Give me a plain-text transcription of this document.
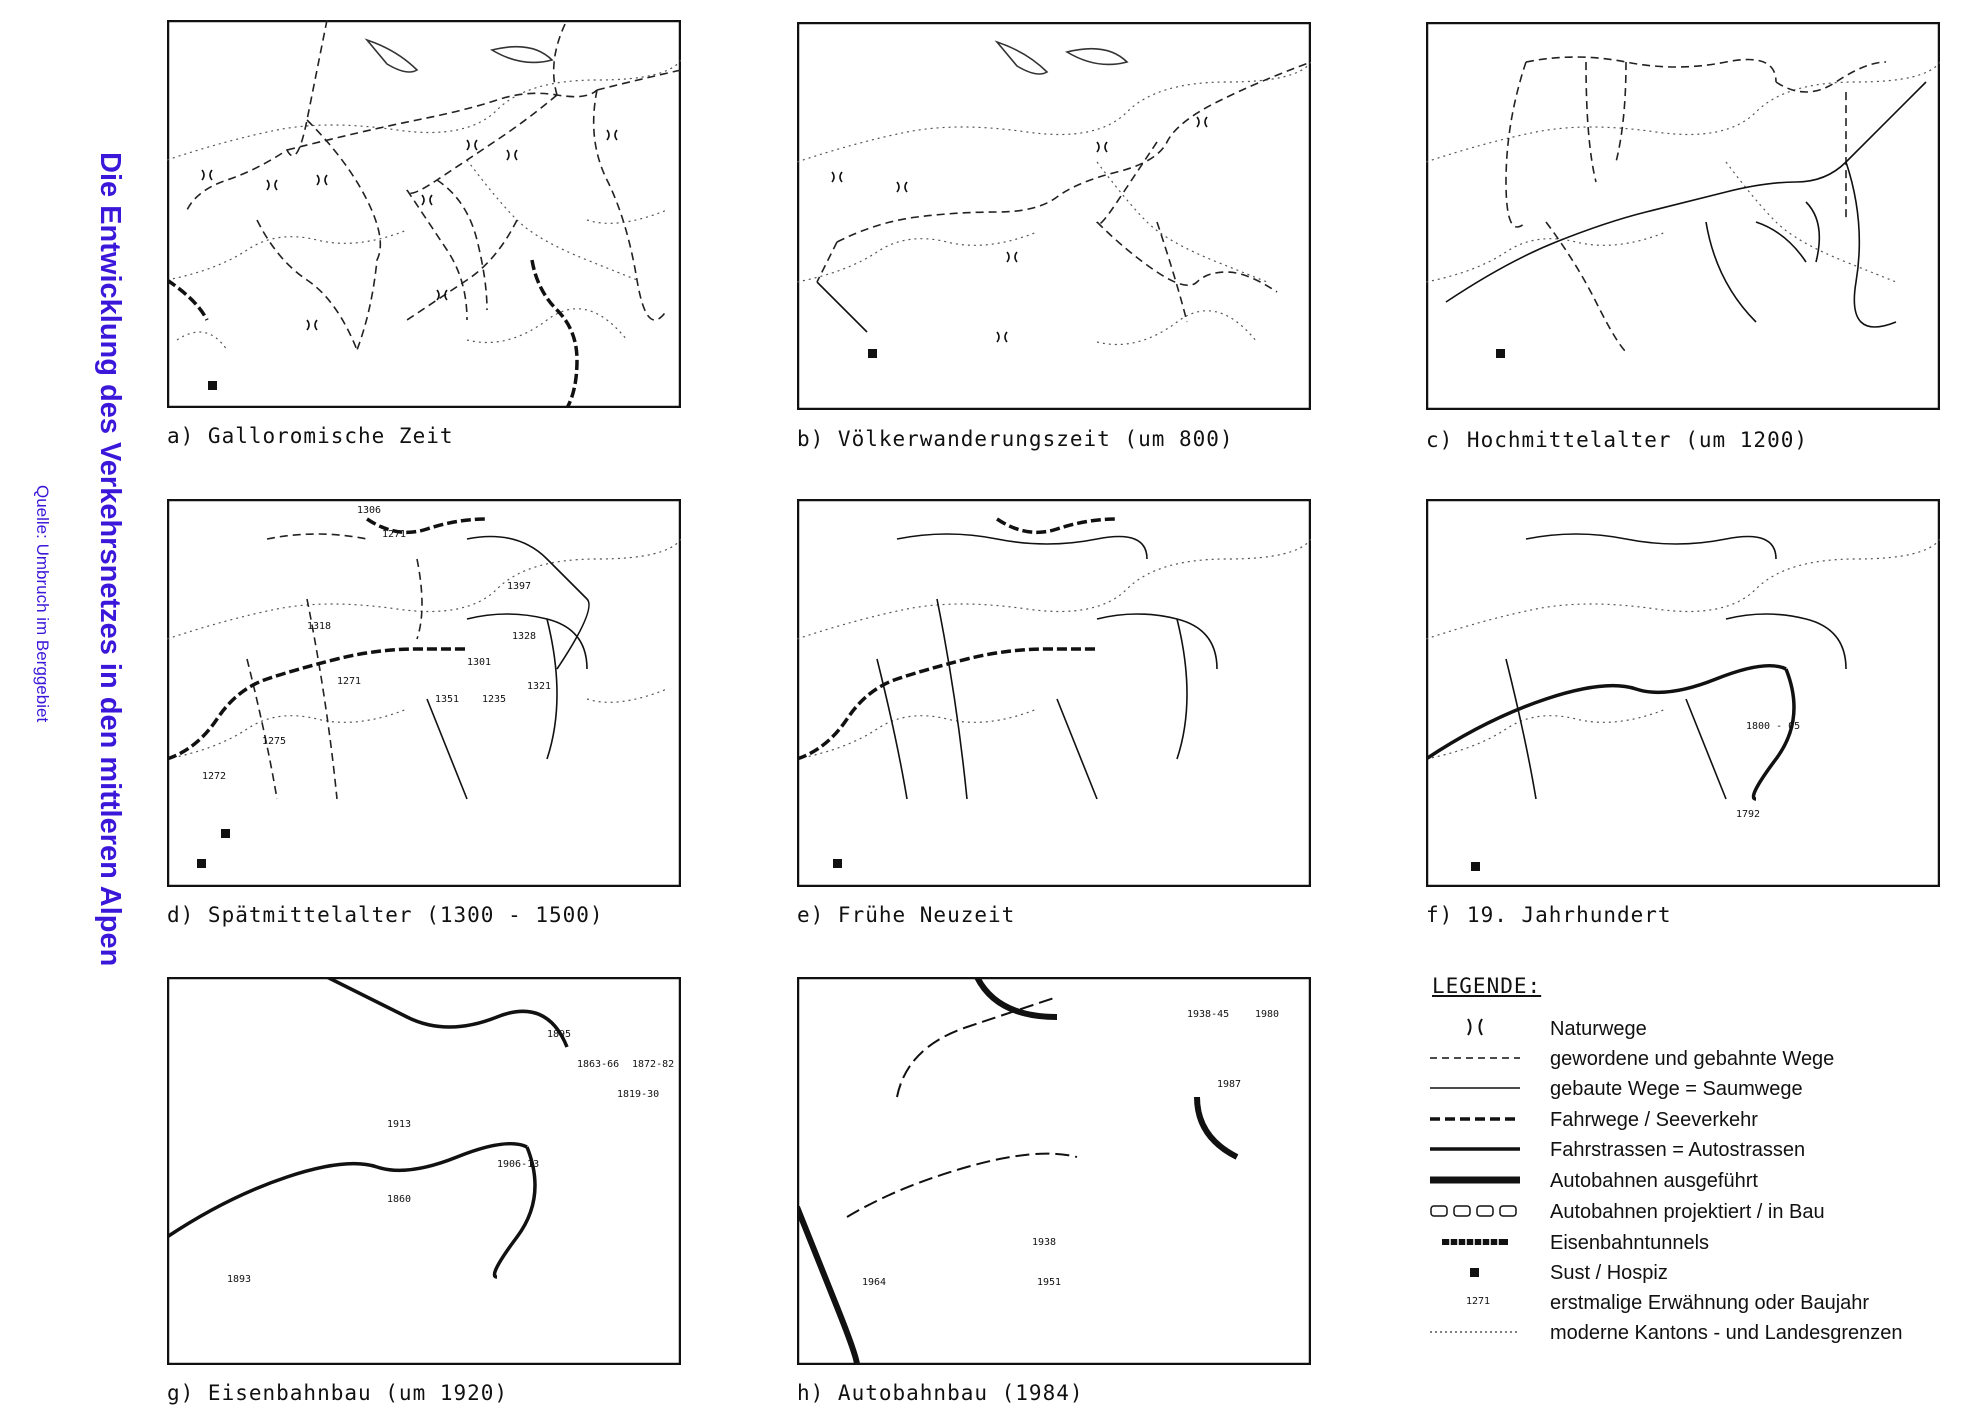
Die Entwicklung des Verkehrsnetzes in den mittleren Alpen
Quelle: Umbruch im Berggebiet
a) Galloromische Zeit	b) Völkerwanderungszeit (um 800)	c) Hochmittelalter (um 1200)
1306
1271
1397
1318
1328
1301
1321
1235
1351
1271
1275
1272
d) Spätmittelalter (1300 - 1500)	e) Frühe Neuzeit
1800 - 05
1792
f) 19. Jahrhundert
1895
1863-66 1872-82
1819-30
1913
1906-13
1860
1893
g) Eisenbahnbau (um 1920)
1938-45	1980
1987
1938
1951
1964
h) Autobahnbau (1984)
LEGENDE:
Naturwege
gewordene und gebahnte Wege
gebaute Wege = Saumwege
Fahrwege / Seeverkehr
Fahrstrassen = Autostrassen
Autobahnen ausgeführt
Autobahnen projektiert / in Bau
Eisenbahntunnels
Sust / Hospiz
1271	erstmalige Erwähnung oder Baujahr
moderne Kantons - und Landesgrenzen
